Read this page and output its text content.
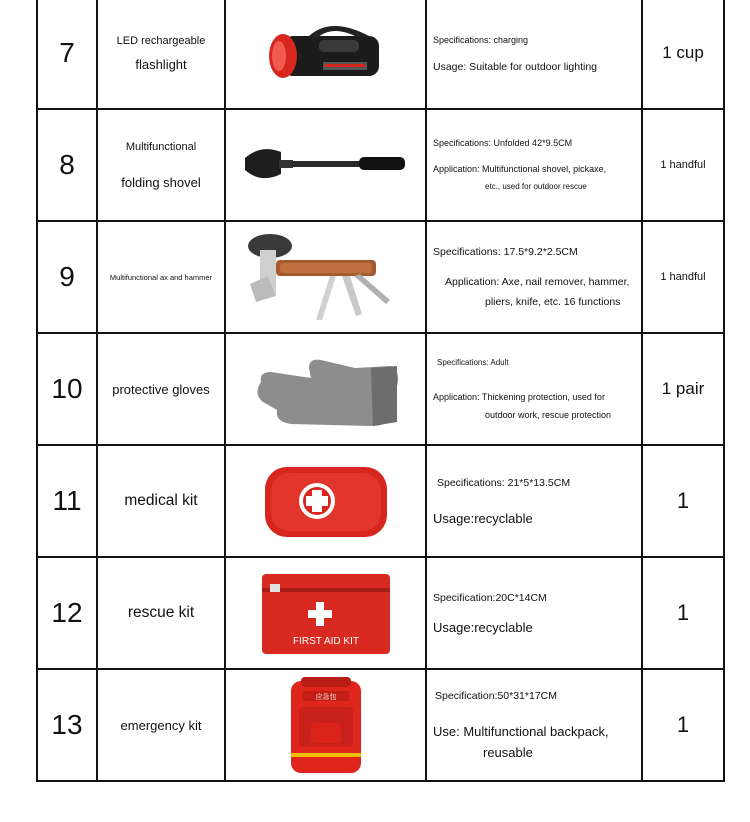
7	LED rechargeable
flashlight		Specifications: charging
Usage: Suitable for outdoor lighting	1 cup
8	Multifunctional
folding shovel		Specifications: Unfolded 42*9.5CM
Application: Multifunctional shovel, pickaxe,
etc., used for outdoor rescue	1 handful
9	Multifunctional ax and hammer		Specifications: 17.5*9.2*2.5CM
Application: Axe, nail remover, hammer,
pliers, knife, etc. 16 functions	1 handful
10	protective gloves		Specifications: Adult
Application: Thickening protection, used for
outdoor work, rescue protection	1 pair
11	medical kit		Specifications: 21*5*13.5CM
Usage:recyclable	1
12	rescue kit	FIRST AID KIT	Specification:20C*14CM
Usage:recyclable	1
13	emergency kit	应急包	Specification:50*31*17CM
Use: Multifunctional backpack,
reusable	1
